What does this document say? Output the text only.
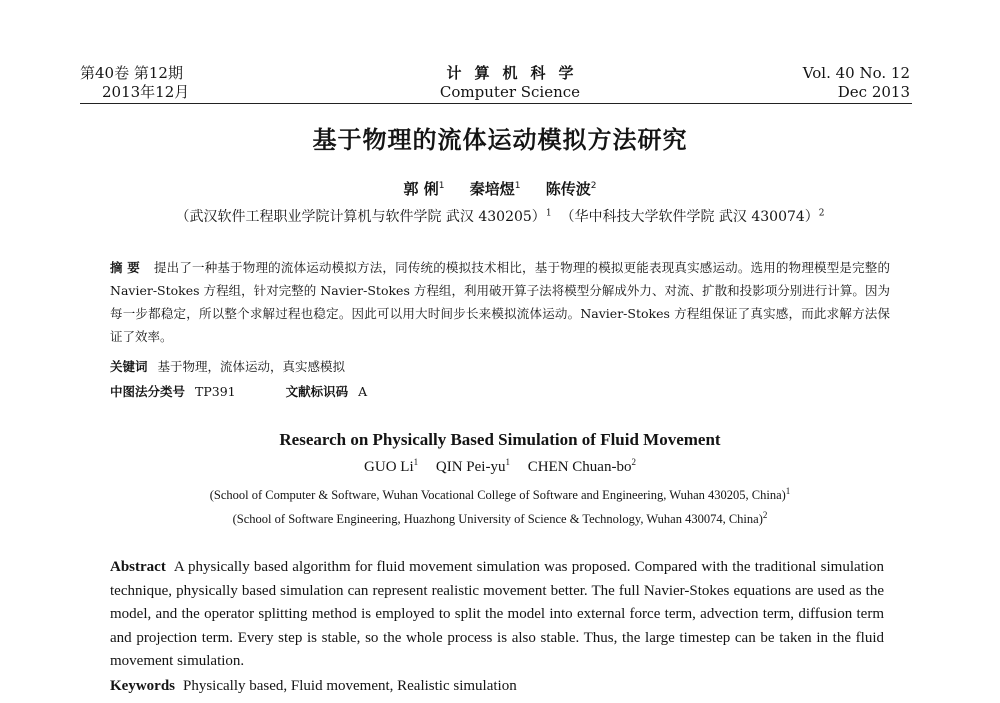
第40卷 第12期
2013年12月
计算机科学
Computer Science
Vol. 40 No. 12
Dec 2013
基于物理的流体运动模拟方法研究
郭 俐$^1$ 秦培煜$^1$ 陈传波$^2$
（武汉软件工程职业学院计算机与软件学院 武汉 430205）$^1$ （华中科技大学软件学院 武汉 430074）$^2$
摘 要 提出了一种基于物理的流体运动模拟方法，同传统的模拟技术相比，基于物理的模拟更能表现真实感运动。选用的物理模型是完整的 Navier-Stokes 方程组，针对完整的 Navier-Stokes 方程组，利用破开算子法将模型分解成外力、对流、扩散和投影项分别进行计算。因为每一步都稳定，所以整个求解过程也稳定。因此可以用大时间步长来模拟流体运动。Navier-Stokes 方程组保证了真实感，而此求解方法保证了效率。
关键词 基于物理，流体运动，真实感模拟
中图法分类号 TP391	文献标识码 A
Research on Physically Based Simulation of Fluid Movement
GUO Li$^1$ QIN Pei-$yu^1$ CHEN Chuan-$bo^2$
(School of Computer & Software, Wuhan Vocational College of Software and Engineering, Wuhan 430205, China)$^1$
(School of Software Engineering, Huazhong University of Science & Technology, Wuhan 430074, China)$^2$
Abstract A physically based algorithm for fluid movement simulation was proposed. Compared with the traditional simulation technique, physically based simulation can represent realistic movement better. The full Navier-Stokes equations are used as the model, and the operator splitting method is employed to split the model into external force term, advection term, diffusion term and projection term. Every step is stable, so the whole process is also stable. Thus, the large timestep can be taken in the fluid movement simulation.
Keywords Physically based, Fluid movement, Realistic simulation
